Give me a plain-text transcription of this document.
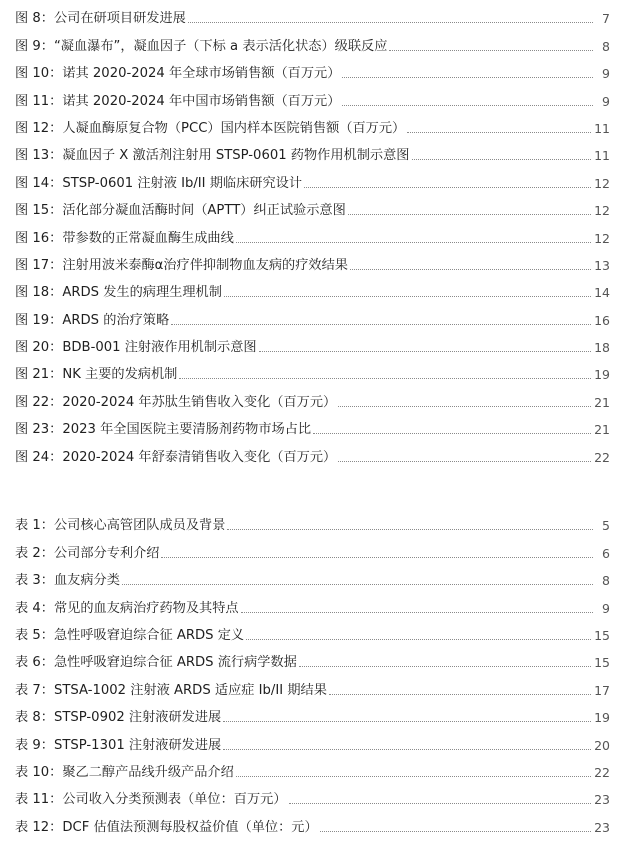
图 8：公司在研项目研发进展	7
图 9：“凝血瀑布”，凝血因子（下标 a 表示活化状态）级联反应	8
图 10：诺其 2020-2024 年全球市场销售额（百万元）	9
图 11：诺其 2020-2024 年中国市场销售额（百万元）	9
图 12：人凝血酶原复合物（PCC）国内样本医院销售额（百万元）	11
图 13：凝血因子 X 激活剂注射用 STSP-0601 药物作用机制示意图	11
图 14：STSP-0601 注射液 Ib/II 期临床研究设计	12
图 15：活化部分凝血活酶时间（APTT）纠正试验示意图	12
图 16：带参数的正常凝血酶生成曲线	12
图 17：注射用波米泰酶α治疗伴抑制物血友病的疗效结果	13
图 18：ARDS 发生的病理生理机制	14
图 19：ARDS 的治疗策略	16
图 20：BDB-001 注射液作用机制示意图	18
图 21：NK 主要的发病机制	19
图 22：2020-2024 年苏肽生销售收入变化（百万元）	21
图 23：2023 年全国医院主要清肠剂药物市场占比	21
图 24：2020-2024 年舒泰清销售收入变化（百万元）	22
表 1：公司核心高管团队成员及背景	5
表 2：公司部分专利介绍	6
表 3：血友病分类	8
表 4：常见的血友病治疗药物及其特点	9
表 5：急性呼吸窘迫综合征 ARDS 定义	15
表 6：急性呼吸窘迫综合征 ARDS 流行病学数据	15
表 7：STSA-1002 注射液 ARDS 适应症 Ib/II 期结果	17
表 8：STSP-0902 注射液研发进展	19
表 9：STSP-1301 注射液研发进展	20
表 10：聚乙二醇产品线升级产品介绍	22
表 11：公司收入分类预测表（单位：百万元）	23
表 12：DCF 估值法预测每股权益价值（单位：元）	23
